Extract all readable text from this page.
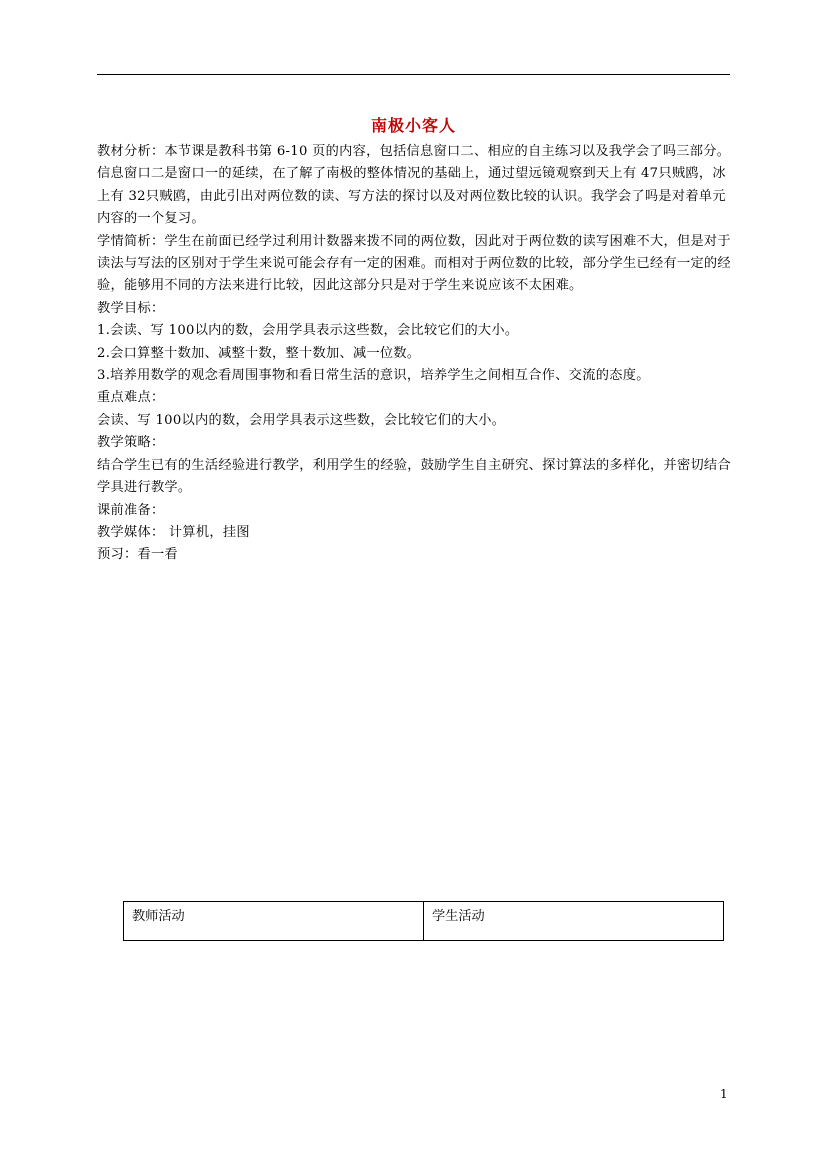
南极小客人

教材分析：本节课是教科书第 6-10 页的内容，包括信息窗口二、相应的自主练习以及我学会了吗三部分。信息窗口二是窗口一的延续，在了解了南极的整体情况的基础上，通过望远镜观察到天上有 47只贼鸥，冰上有 32只贼鸥，由此引出对两位数的读、写方法的探讨以及对两位数比较的认识。我学会了吗是对着单元内容的一个复习。

学情简析：学生在前面已经学过利用计数器来拨不同的两位数，因此对于两位数的读写困难不大，但是对于读法与写法的区别对于学生来说可能会存有一定的困难。而相对于两位数的比较，部分学生已经有一定的经验，能够用不同的方法来进行比较，因此这部分只是对于学生来说应该不太困难。

教学目标：

1.会读、写 100以内的数，会用学具表示这些数，会比较它们的大小。

2.会口算整十数加、减整十数，整十数加、减一位数。

3.培养用数学的观念看周围事物和看日常生活的意识，培养学生之间相互合作、交流的态度。

重点难点：

会读、写 100以内的数，会用学具表示这些数，会比较它们的大小。

教学策略：

结合学生已有的生活经验进行教学，利用学生的经验，鼓励学生自主研究、探讨算法的多样化，并密切结合学具进行教学。

课前准备：

教学媒体： 计算机，挂图

预习：看一看

教师活动	学生活动
1
